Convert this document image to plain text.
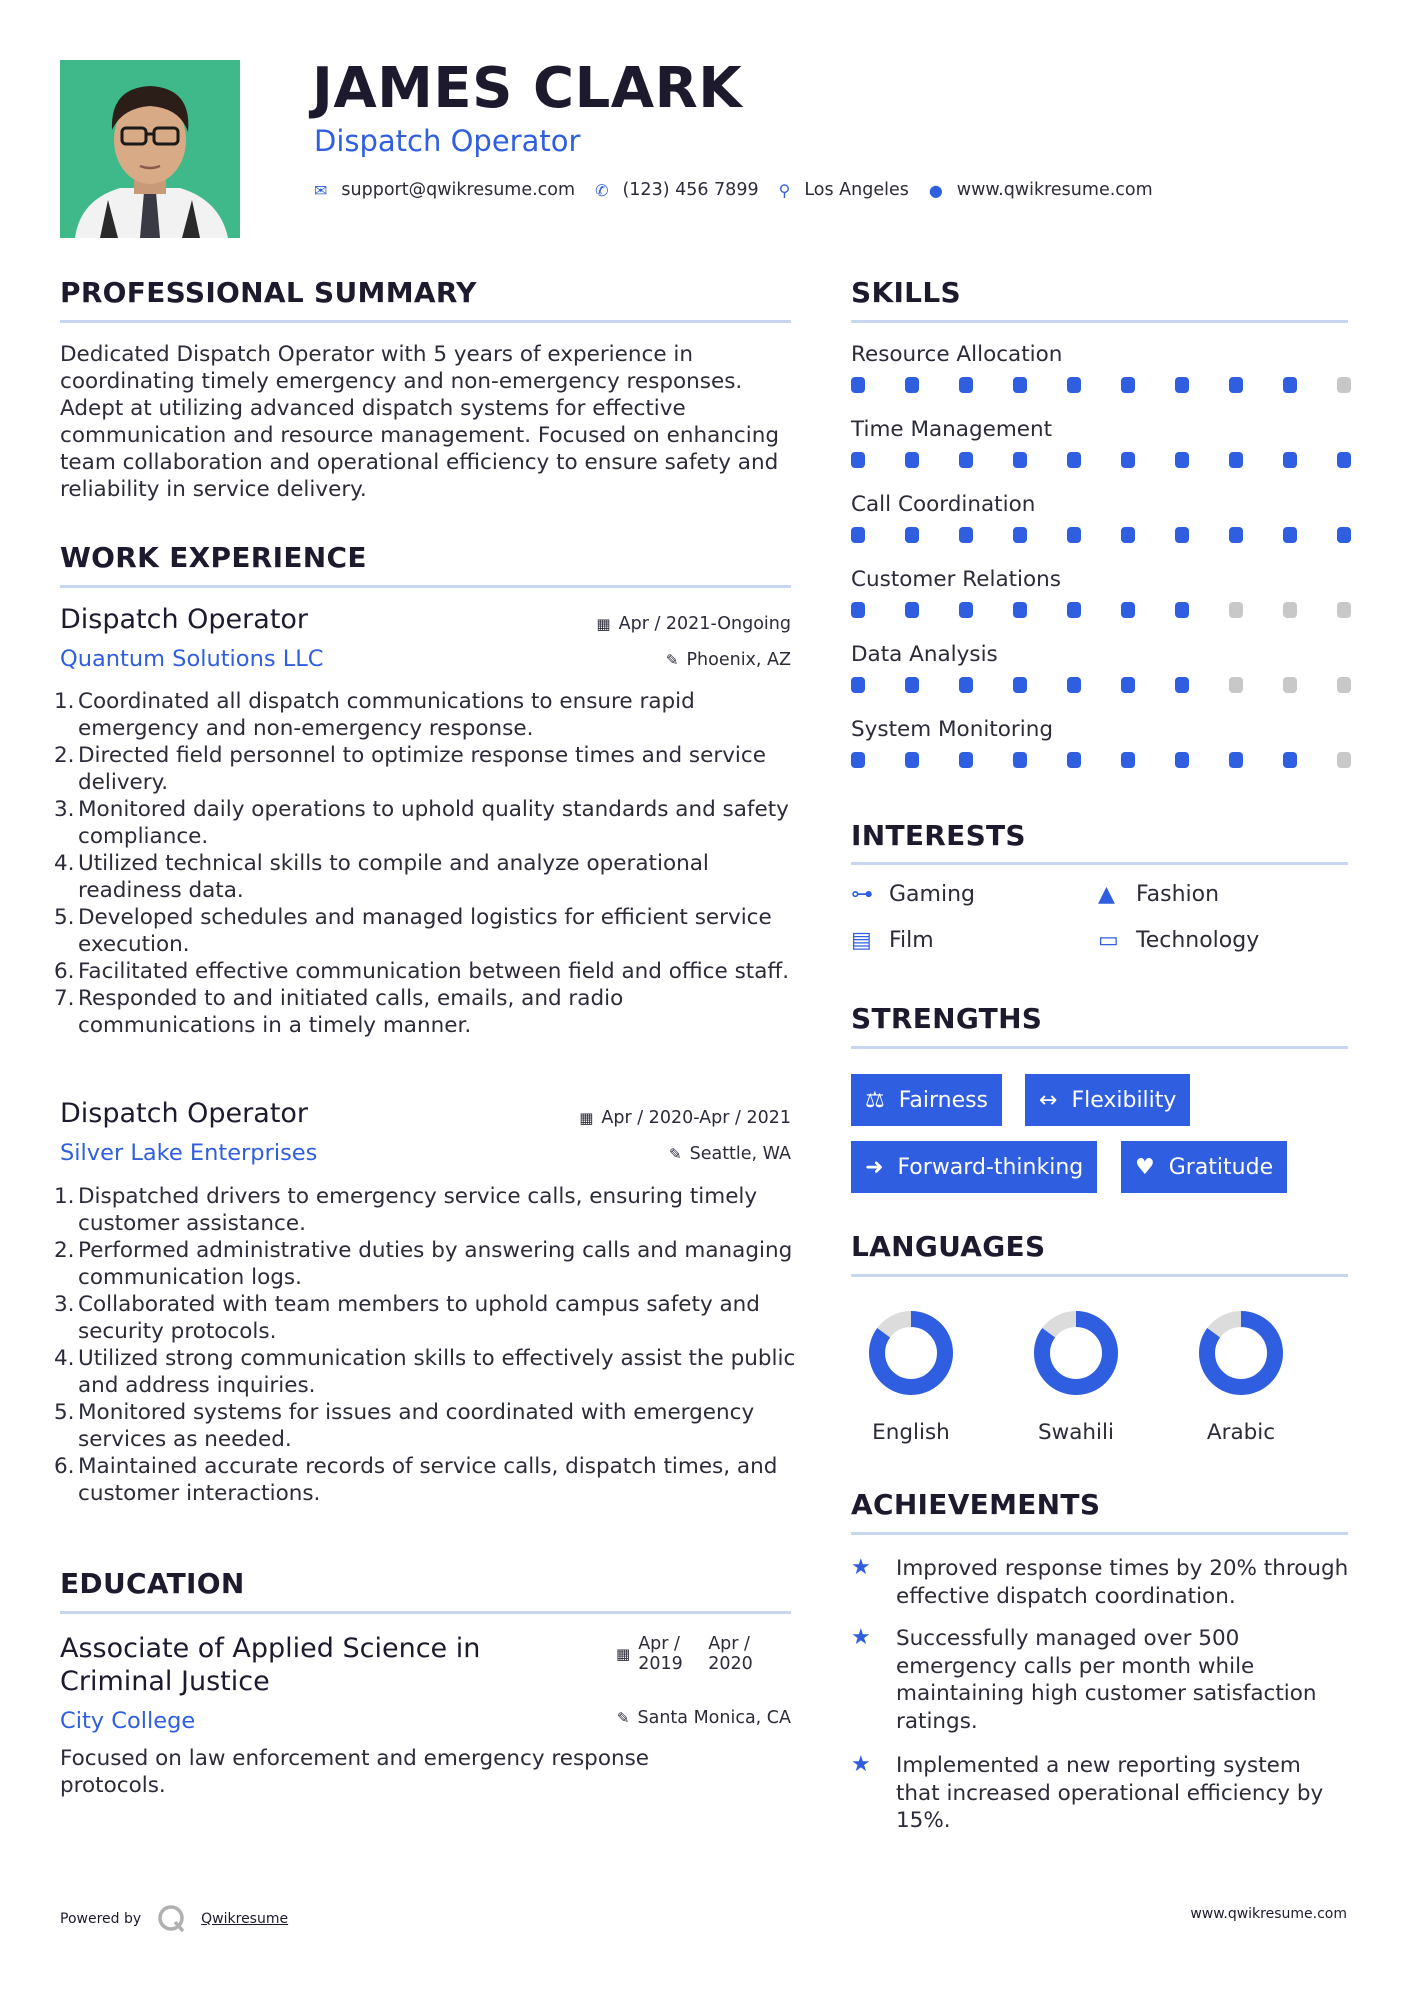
JAMES CLARK
Dispatch Operator
✉ support@qwikresume.com ✆ (123) 456 7899 ⚲ Los Angeles ● www.qwikresume.com
PROFESSIONAL SUMMARY
Dedicated Dispatch Operator with 5 years of experience in coordinating timely emergency and non-emergency responses. Adept at utilizing advanced dispatch systems for effective communication and resource management. Focused on enhancing team collaboration and operational efficiency to ensure safety and reliability in service delivery.
WORK EXPERIENCE
Dispatch Operator
Quantum Solutions LLC
▦ Apr / 2021-Ongoing
✎ Phoenix, AZ
1. Coordinated all dispatch communications to ensure rapid emergency and non-emergency response.
2. Directed field personnel to optimize response times and service delivery.
3. Monitored daily operations to uphold quality standards and safety compliance.
4. Utilized technical skills to compile and analyze operational readiness data.
5. Developed schedules and managed logistics for efficient service execution.
6. Facilitated effective communication between field and office staff.
7. Responded to and initiated calls, emails, and radio communications in a timely manner.
Dispatch Operator
Silver Lake Enterprises
▦ Apr / 2020-Apr / 2021
✎ Seattle, WA
1. Dispatched drivers to emergency service calls, ensuring timely customer assistance.
2. Performed administrative duties by answering calls and managing communication logs.
3. Collaborated with team members to uphold campus safety and security protocols.
4. Utilized strong communication skills to effectively assist the public and address inquiries.
5. Monitored systems for issues and coordinated with emergency services as needed.
6. Maintained accurate records of service calls, dispatch times, and customer interactions.
EDUCATION
Associate of Applied Science in Criminal Justice
City College
▦ Apr / 2019
Apr / 2020
✎ Santa Monica, CA
Focused on law enforcement and emergency response protocols.
SKILLS
Resource Allocation
Time Management
Call Coordination
Customer Relations
Data Analysis
System Monitoring
INTERESTS
⊶ Gaming	▲ Fashion
▤ Film	▭ Technology
STRENGTHS
⚖ Fairness ↔ Flexibility
➜ Forward-thinking ♥ Gratitude
LANGUAGES
English	Swahili	Arabic
ACHIEVEMENTS
★	Improved response times by 20% through effective dispatch coordination.
★	Successfully managed over 500 emergency calls per month while maintaining high customer satisfaction ratings.
★	Implemented a new reporting system that increased operational efficiency by 15%.
Powered by	Qwikresume	www.qwikresume.com
